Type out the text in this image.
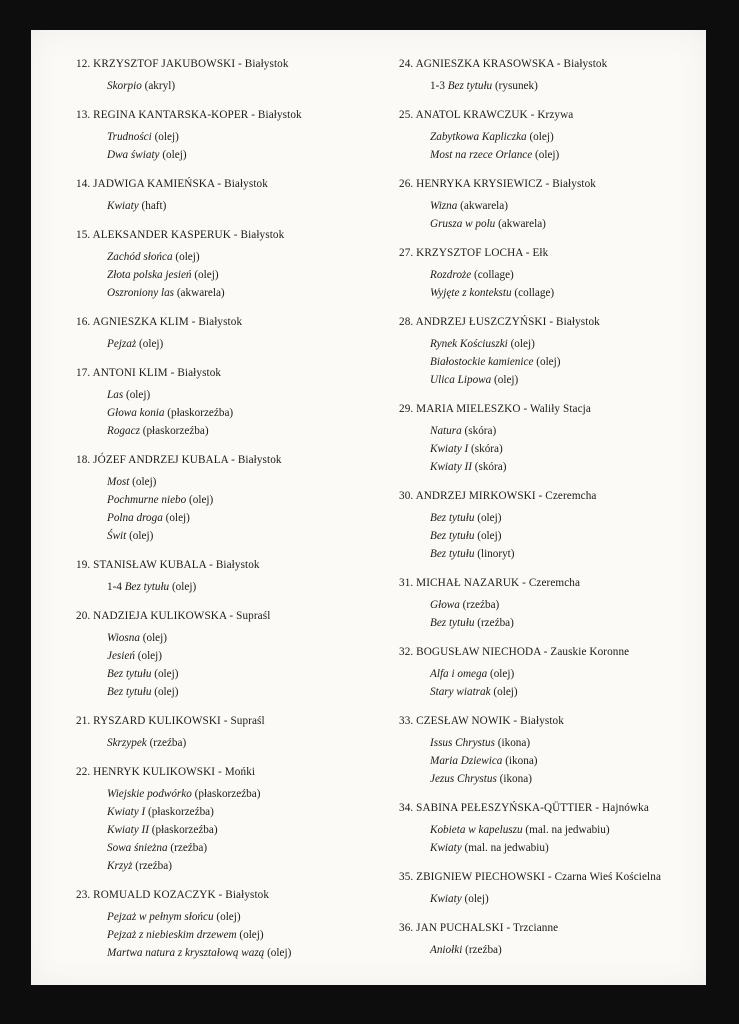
12. KRZYSZTOF JAKUBOWSKI - Białystok
Skorpio (akryl)
13. REGINA KANTARSKA-KOPER - Białystok
Trudności (olej)
Dwa światy (olej)
14. JADWIGA KAMIEŃSKA - Białystok
Kwiaty (haft)
15. ALEKSANDER KASPERUK - Białystok
Zachód słońca (olej)
Złota polska jesień (olej)
Oszroniony las (akwarela)
16. AGNIESZKA KLIM - Białystok
Pejzaż (olej)
17. ANTONI KLIM - Białystok
Las (olej)
Głowa konia (płaskorzeźba)
Rogacz (płaskorzeźba)
18. JÓZEF ANDRZEJ KUBALA - Białystok
Most (olej)
Pochmurne niebo (olej)
Polna droga (olej)
Świt (olej)
19. STANISŁAW KUBALA - Białystok
1-4 Bez tytułu (olej)
20. NADZIEJA KULIKOWSKA - Supraśl
Wiosna (olej)
Jesień (olej)
Bez tytułu (olej)
Bez tytułu (olej)
21. RYSZARD KULIKOWSKI - Supraśl
Skrzypek (rzeźba)
22. HENRYK KULIKOWSKI - Mońki
Wiejskie podwórko (płaskorzeźba)
Kwiaty I (płaskorzeźba)
Kwiaty II (płaskorzeźba)
Sowa śnieżna (rzeźba)
Krzyż (rzeźba)
23. ROMUALD KOZACZYK - Białystok
Pejzaż w pełnym słońcu (olej)
Pejzaż z niebieskim drzewem (olej)
Martwa natura z kryształową wazą (olej)
24. AGNIESZKA KRASOWSKA - Białystok
1-3 Bez tytułu (rysunek)
25. ANATOL KRAWCZUK - Krzywa
Zabytkowa Kapliczka (olej)
Most na rzece Orlance (olej)
26. HENRYKA KRYSIEWICZ - Białystok
Wizna (akwarela)
Grusza w polu (akwarela)
27. KRZYSZTOF LOCHA - Ełk
Rozdroże (collage)
Wyjęte z kontekstu (collage)
28. ANDRZEJ ŁUSZCZYŃSKI - Białystok
Rynek Kościuszki (olej)
Białostockie kamienice (olej)
Ulica Lipowa (olej)
29. MARIA MIELESZKO - Waliły Stacja
Natura (skóra)
Kwiaty I (skóra)
Kwiaty II (skóra)
30. ANDRZEJ MIRKOWSKI - Czeremcha
Bez tytułu (olej)
Bez tytułu (olej)
Bez tytułu (linoryt)
31. MICHAŁ NAZARUK - Czeremcha
Głowa (rzeźba)
Bez tytułu (rzeźba)
32. BOGUSŁAW NIECHODA - Zauskie Koronne
Alfa i omega (olej)
Stary wiatrak (olej)
33. CZESŁAW NOWIK - Białystok
Issus Chrystus (ikona)
Maria Dziewica (ikona)
Jezus Chrystus (ikona)
34. SABINA PEŁESZYŃSKA-QÜTTIER - Hajnówka
Kobieta w kapeluszu (mal. na jedwabiu)
Kwiaty (mal. na jedwabiu)
35. ZBIGNIEW PIECHOWSKI - Czarna Wieś Kościelna
Kwiaty (olej)
36. JAN PUCHALSKI - Trzcianne
Aniołki (rzeźba)
